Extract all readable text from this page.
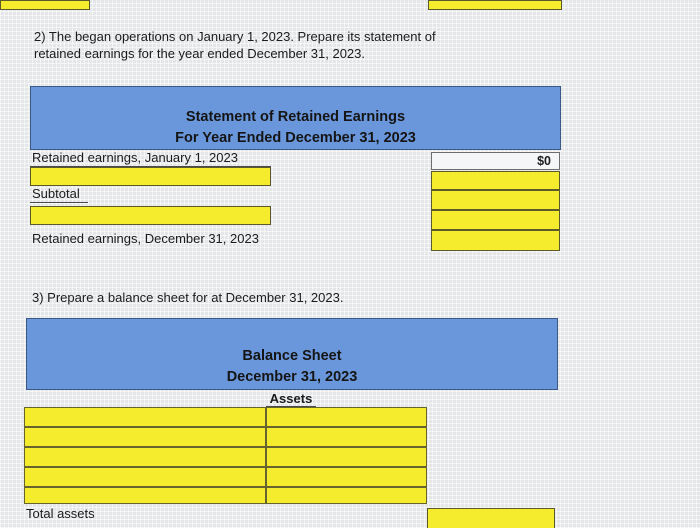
2) The began operations on January 1, 2023. Prepare its statement of
retained earnings for the year ended December 31, 2023.
Statement of Retained Earnings
For Year Ended December 31, 2023
Retained earnings, January 1, 2023	$0
Subtotal
Retained earnings, December 31, 2023
3) Prepare a balance sheet for at December 31, 2023.
Balance Sheet
December 31, 2023
Assets
Total assets
